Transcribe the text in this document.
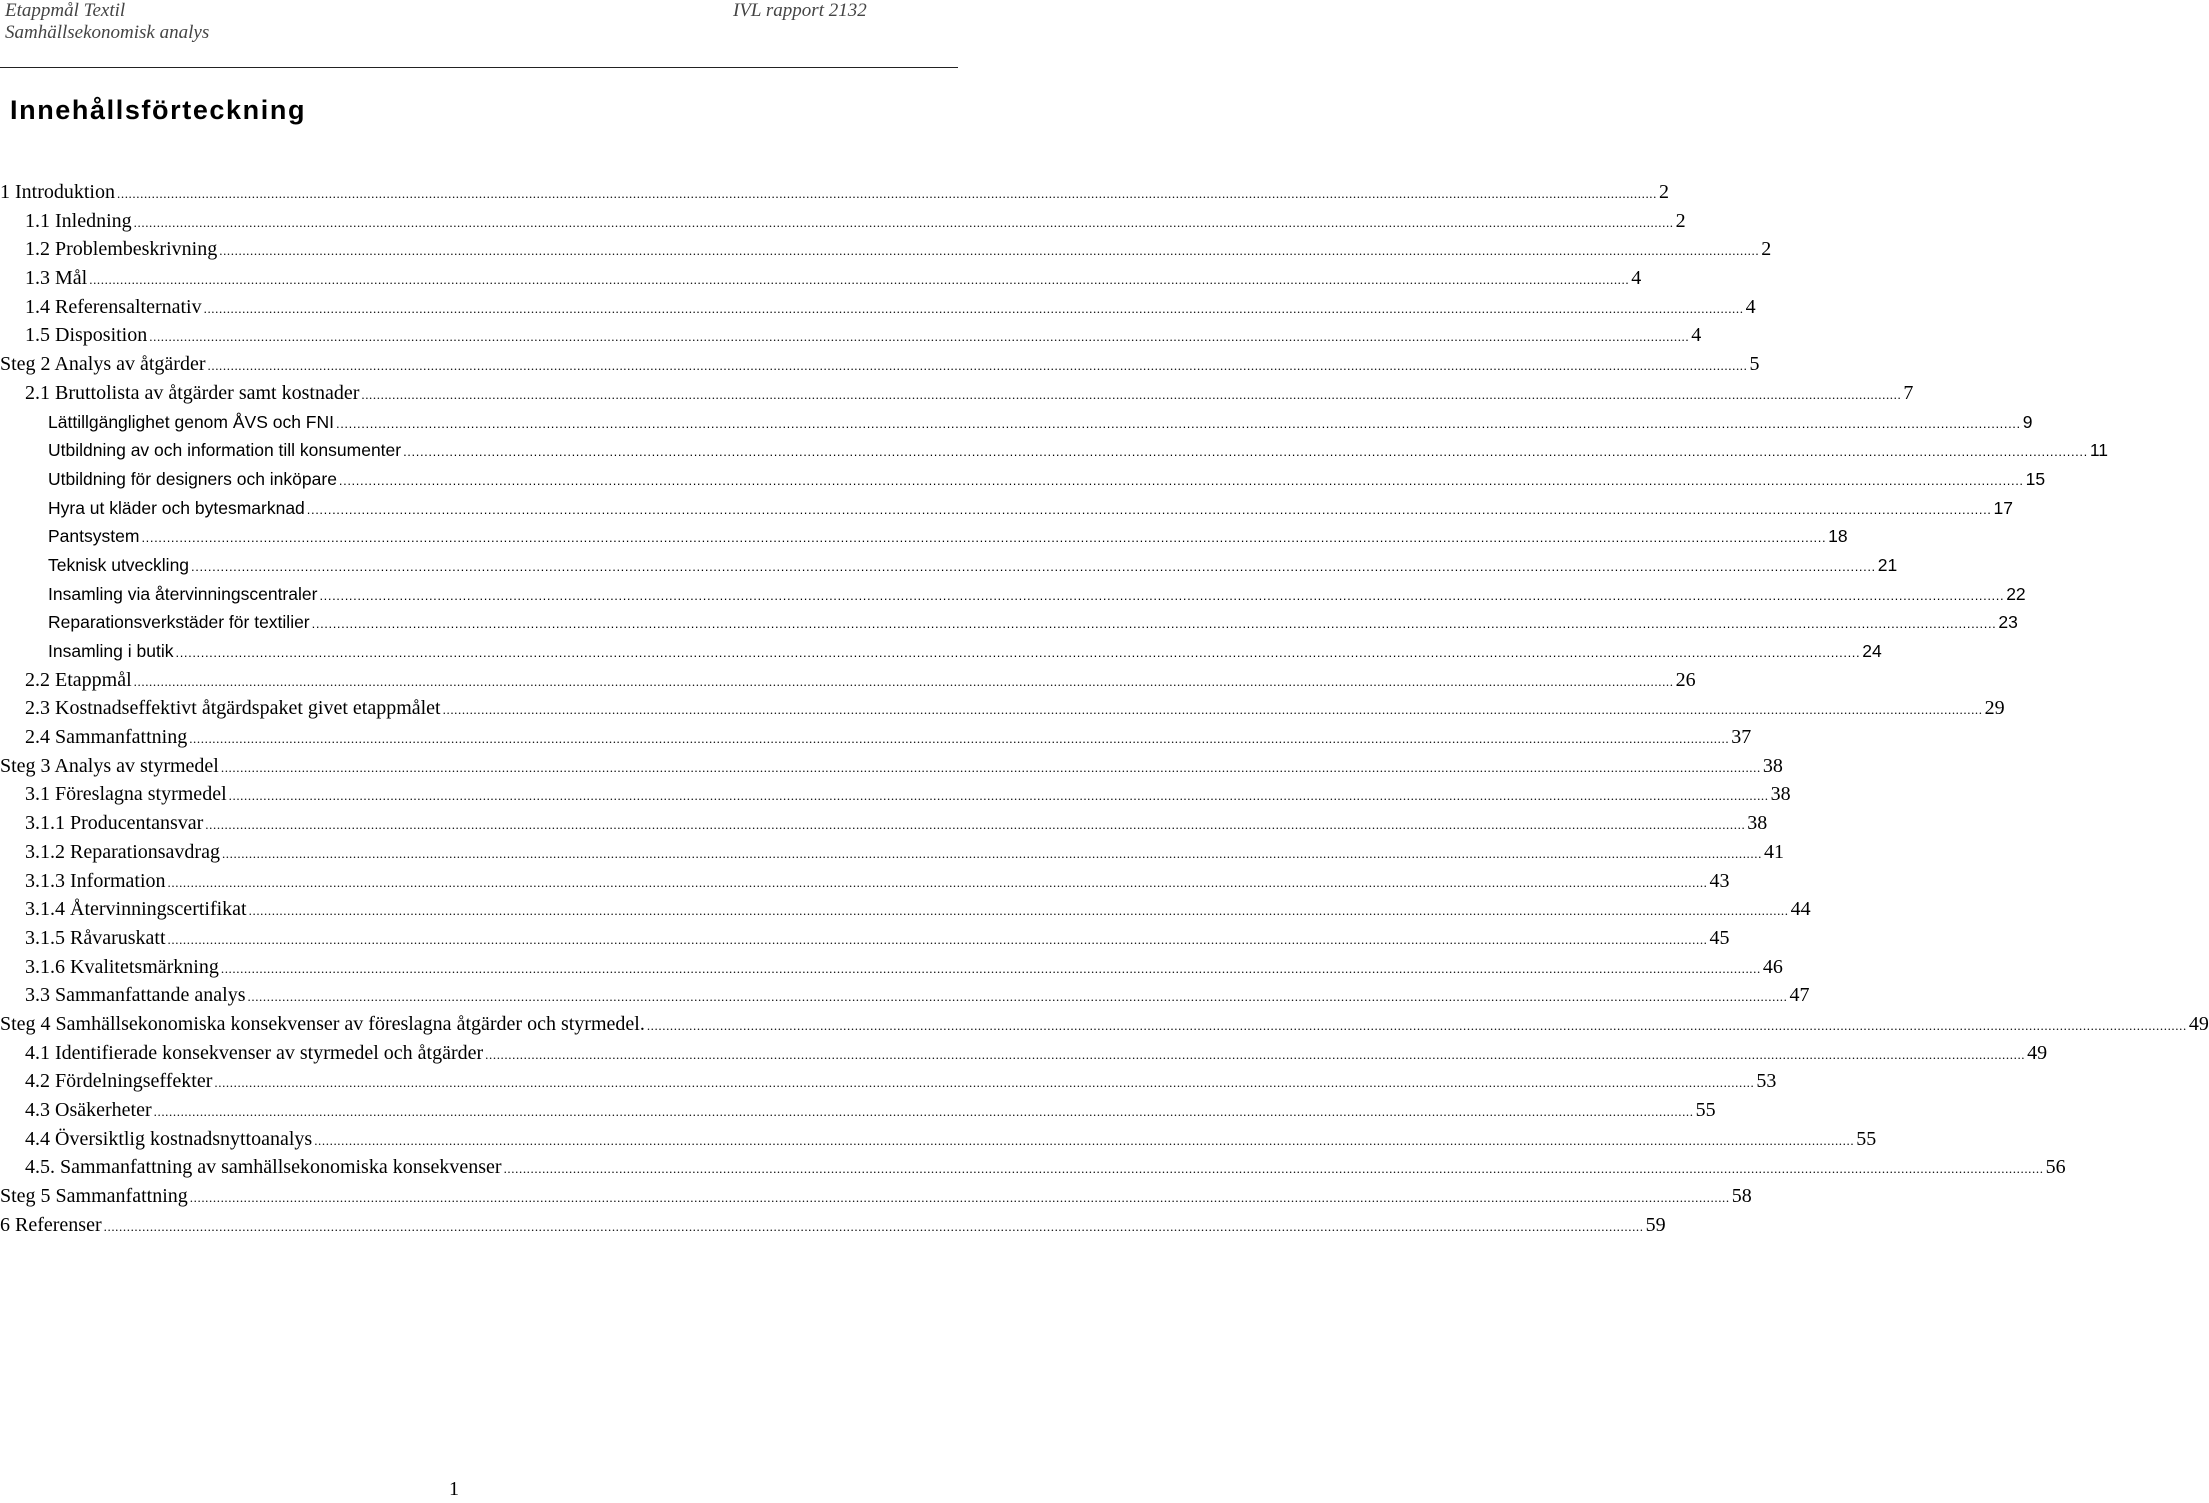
Etappmål Textil
Samhällsekonomisk analys
IVL rapport 2132
Innehållsförteckning
1 Introduktion ................................................................................................................................................................................................................................................................................................................................................................................................................ 2
1.1 Inledning ................................................................................................................................................................................................................................................................................................................................................................................................................ 2
1.2 Problembeskrivning ................................................................................................................................................................................................................................................................................................................................................................................................................ 2
1.3 Mål ................................................................................................................................................................................................................................................................................................................................................................................................................ 4
1.4 Referensalternativ ................................................................................................................................................................................................................................................................................................................................................................................................................ 4
1.5 Disposition ................................................................................................................................................................................................................................................................................................................................................................................................................ 4
Steg 2 Analys av åtgärder ................................................................................................................................................................................................................................................................................................................................................................................................................ 5
2.1 Bruttolista av åtgärder samt kostnader ................................................................................................................................................................................................................................................................................................................................................................................................................ 7
Lättillgänglighet genom ÅVS och FNI ................................................................................................................................................................................................................................................................................................................................................................................................................ 9
Utbildning av och information till konsumenter ................................................................................................................................................................................................................................................................................................................................................................................................................ 11
Utbildning för designers och inköpare ................................................................................................................................................................................................................................................................................................................................................................................................................ 15
Hyra ut kläder och bytesmarknad ................................................................................................................................................................................................................................................................................................................................................................................................................ 17
Pantsystem ................................................................................................................................................................................................................................................................................................................................................................................................................ 18
Teknisk utveckling ................................................................................................................................................................................................................................................................................................................................................................................................................ 21
Insamling via återvinningscentraler ................................................................................................................................................................................................................................................................................................................................................................................................................ 22
Reparationsverkstäder för textilier ................................................................................................................................................................................................................................................................................................................................................................................................................ 23
Insamling i butik ................................................................................................................................................................................................................................................................................................................................................................................................................ 24
2.2 Etappmål ................................................................................................................................................................................................................................................................................................................................................................................................................ 26
2.3 Kostnadseffektivt åtgärdspaket givet etappmålet ................................................................................................................................................................................................................................................................................................................................................................................................................ 29
2.4 Sammanfattning ................................................................................................................................................................................................................................................................................................................................................................................................................ 37
Steg 3 Analys av styrmedel ................................................................................................................................................................................................................................................................................................................................................................................................................ 38
3.1 Föreslagna styrmedel ................................................................................................................................................................................................................................................................................................................................................................................................................ 38
3.1.1 Producentansvar ................................................................................................................................................................................................................................................................................................................................................................................................................ 38
3.1.2 Reparationsavdrag ................................................................................................................................................................................................................................................................................................................................................................................................................ 41
3.1.3 Information ................................................................................................................................................................................................................................................................................................................................................................................................................ 43
3.1.4 Återvinningscertifikat ................................................................................................................................................................................................................................................................................................................................................................................................................ 44
3.1.5 Råvaruskatt ................................................................................................................................................................................................................................................................................................................................................................................................................ 45
3.1.6 Kvalitetsmärkning ................................................................................................................................................................................................................................................................................................................................................................................................................ 46
3.3 Sammanfattande analys ................................................................................................................................................................................................................................................................................................................................................................................................................ 47
Steg 4 Samhällsekonomiska konsekvenser av föreslagna åtgärder och styrmedel. ................................................................................................................................................................................................................................................................................................................................................................................................................ 49
4.1 Identifierade konsekvenser av styrmedel och åtgärder ................................................................................................................................................................................................................................................................................................................................................................................................................ 49
4.2 Fördelningseffekter ................................................................................................................................................................................................................................................................................................................................................................................................................ 53
4.3 Osäkerheter ................................................................................................................................................................................................................................................................................................................................................................................................................ 55
4.4 Översiktlig kostnadsnyttoanalys ................................................................................................................................................................................................................................................................................................................................................................................................................ 55
4.5. Sammanfattning av samhällsekonomiska konsekvenser ................................................................................................................................................................................................................................................................................................................................................................................................................ 56
Steg 5 Sammanfattning ................................................................................................................................................................................................................................................................................................................................................................................................................ 58
6 Referenser ................................................................................................................................................................................................................................................................................................................................................................................................................ 59
1
